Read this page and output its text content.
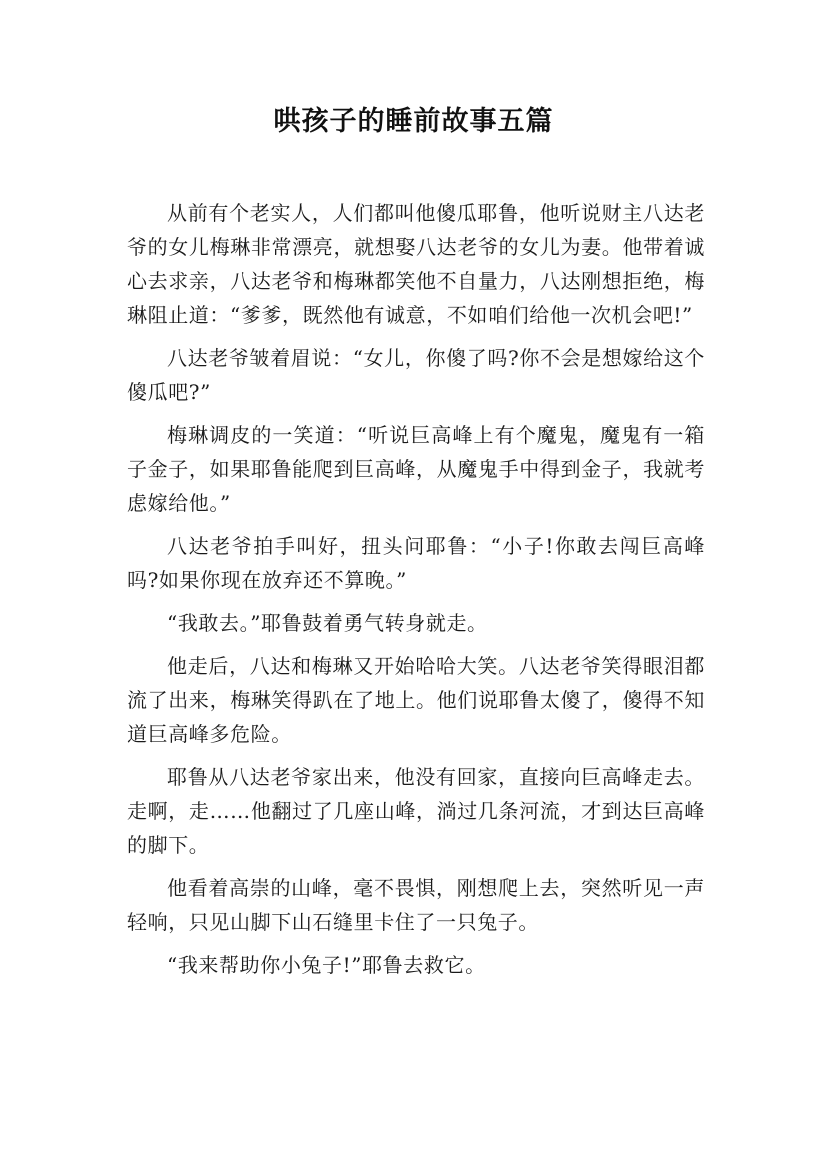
哄孩子的睡前故事五篇

从前有个老实人，人们都叫他傻瓜耶鲁，他听说财主八达老爷的女儿梅琳非常漂亮，就想娶八达老爷的女儿为妻。他带着诚心去求亲，八达老爷和梅琳都笑他不自量力，八达刚想拒绝，梅琳阻止道：“爹爹，既然他有诚意，不如咱们给他一次机会吧!”

八达老爷皱着眉说：“女儿，你傻了吗?你不会是想嫁给这个傻瓜吧?”

梅琳调皮的一笑道：“听说巨高峰上有个魔鬼，魔鬼有一箱子金子，如果耶鲁能爬到巨高峰，从魔鬼手中得到金子，我就考虑嫁给他。”

八达老爷拍手叫好，扭头问耶鲁：“小子!你敢去闯巨高峰吗?如果你现在放弃还不算晚。”

“我敢去。”耶鲁鼓着勇气转身就走。

他走后，八达和梅琳又开始哈哈大笑。八达老爷笑得眼泪都流了出来，梅琳笑得趴在了地上。他们说耶鲁太傻了，傻得不知道巨高峰多危险。

耶鲁从八达老爷家出来，他没有回家，直接向巨高峰走去。走啊，走……他翻过了几座山峰，淌过几条河流，才到达巨高峰的脚下。

他看着高崇的山峰，毫不畏惧，刚想爬上去，突然听见一声轻响，只见山脚下山石缝里卡住了一只兔子。

“我来帮助你小兔子!”耶鲁去救它。
